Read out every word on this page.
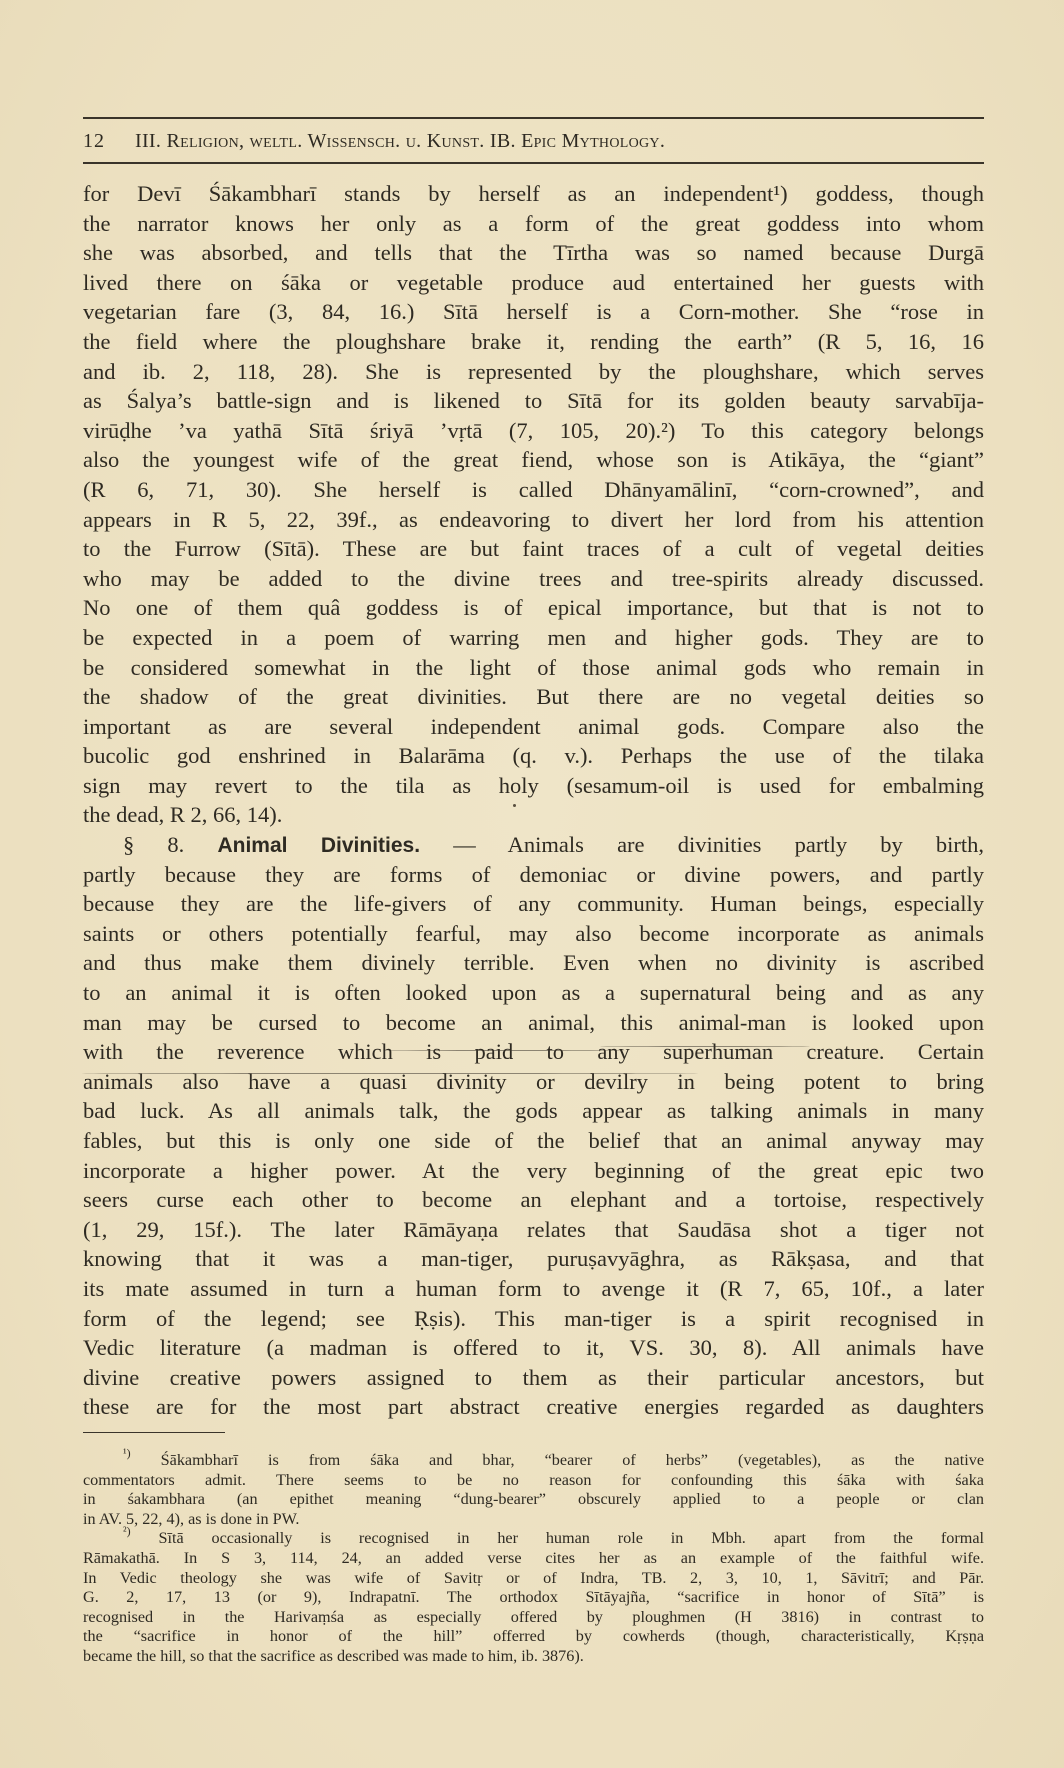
12 III. Religion, weltl. Wissensch. u. Kunst. IB. Epic Mythology.
for Devī Śākambharī stands by herself as an independent¹) goddess, though
the narrator knows her only as a form of the great goddess into whom
she was absorbed, and tells that the Tīrtha was so named because Durgā
lived there on śāka or vegetable produce aud entertained her guests with
vegetarian fare (3, 84, 16.) Sītā herself is a Corn-mother. She “rose in
the field where the ploughshare brake it, rending the earth” (R 5, 16, 16
and ib. 2, 118, 28). She is represented by the ploughshare, which serves
as Śalya’s battle-sign and is likened to Sītā for its golden beauty sarvabīja-
virūḍhe ’va yathā Sītā śriyā ’vṛtā (7, 105, 20).²) To this category belongs
also the youngest wife of the great fiend, whose son is Atikāya, the “giant”
(R 6, 71, 30). She herself is called Dhānyamālinī, “corn-crowned”, and
appears in R 5, 22, 39f., as endeavoring to divert her lord from his attention
to the Furrow (Sītā). These are but faint traces of a cult of vegetal deities
who may be added to the divine trees and tree-spirits already discussed.
No one of them quâ goddess is of epical importance, but that is not to
be expected in a poem of warring men and higher gods. They are to
be considered somewhat in the light of those animal gods who remain in
the shadow of the great divinities. But there are no vegetal deities so
important as are several independent animal gods. Compare also the
bucolic god enshrined in Balarāma (q. v.). Perhaps the use of the tilaka
sign may revert to the tila as holy (sesamum-oil is used for embalming
the dead, R 2, 66, 14).
§ 8. Animal Divinities. — Animals are divinities partly by birth,
partly because they are forms of demoniac or divine powers, and partly
because they are the life-givers of any community. Human beings, especially
saints or others potentially fearful, may also become incorporate as animals
and thus make them divinely terrible. Even when no divinity is ascribed
to an animal it is often looked upon as a supernatural being and as any
man may be cursed to become an animal, this animal-man is looked upon
with the reverence which is paid to any superhuman creature. Certain
animals also have a quasi divinity or devilry in being potent to bring
bad luck. As all animals talk, the gods appear as talking animals in many
fables, but this is only one side of the belief that an animal anyway may
incorporate a higher power. At the very beginning of the great epic two
seers curse each other to become an elephant and a tortoise, respectively
(1, 29, 15f.). The later Rāmāyaṇa relates that Saudāsa shot a tiger not
knowing that it was a man-tiger, puruṣavyāghra, as Rākṣasa, and that
its mate assumed in turn a human form to avenge it (R 7, 65, 10f., a later
form of the legend; see Ṛṣis). This man-tiger is a spirit recognised in
Vedic literature (a madman is offered to it, VS. 30, 8). All animals have
divine creative powers assigned to them as their particular ancestors, but
these are for the most part abstract creative energies regarded as daughters
$^{^1)}$ Śākambharī is from śāka and bhar, “bearer of herbs” (vegetables), as the native
commentators admit. There seems to be no reason for confounding this śāka with śaka
in śakambhara (an epithet meaning “dung-bearer” obscurely applied to a people or clan
in AV. 5, 22, 4), as is done in PW.
$^{^2)}$ Sītā occasionally is recognised in her human role in Mbh. apart from the formal
Rāmakathā. In S 3, 114, 24, an added verse cites her as an example of the faithful wife.
In Vedic theology she was wife of Savitṛ or of Indra, TB. 2, 3, 10, 1, Sāvitrī; and Pār.
G. 2, 17, 13 (or 9), Indrapatnī. The orthodox Sītāyajña, “sacrifice in honor of Sītā” is
recognised in the Harivaṃśa as especially offered by ploughmen (H 3816) in contrast to
the “sacrifice in honor of the hill” offerred by cowherds (though, characteristically, Kṛṣṇa
became the hill, so that the sacrifice as described was made to him, ib. 3876).
